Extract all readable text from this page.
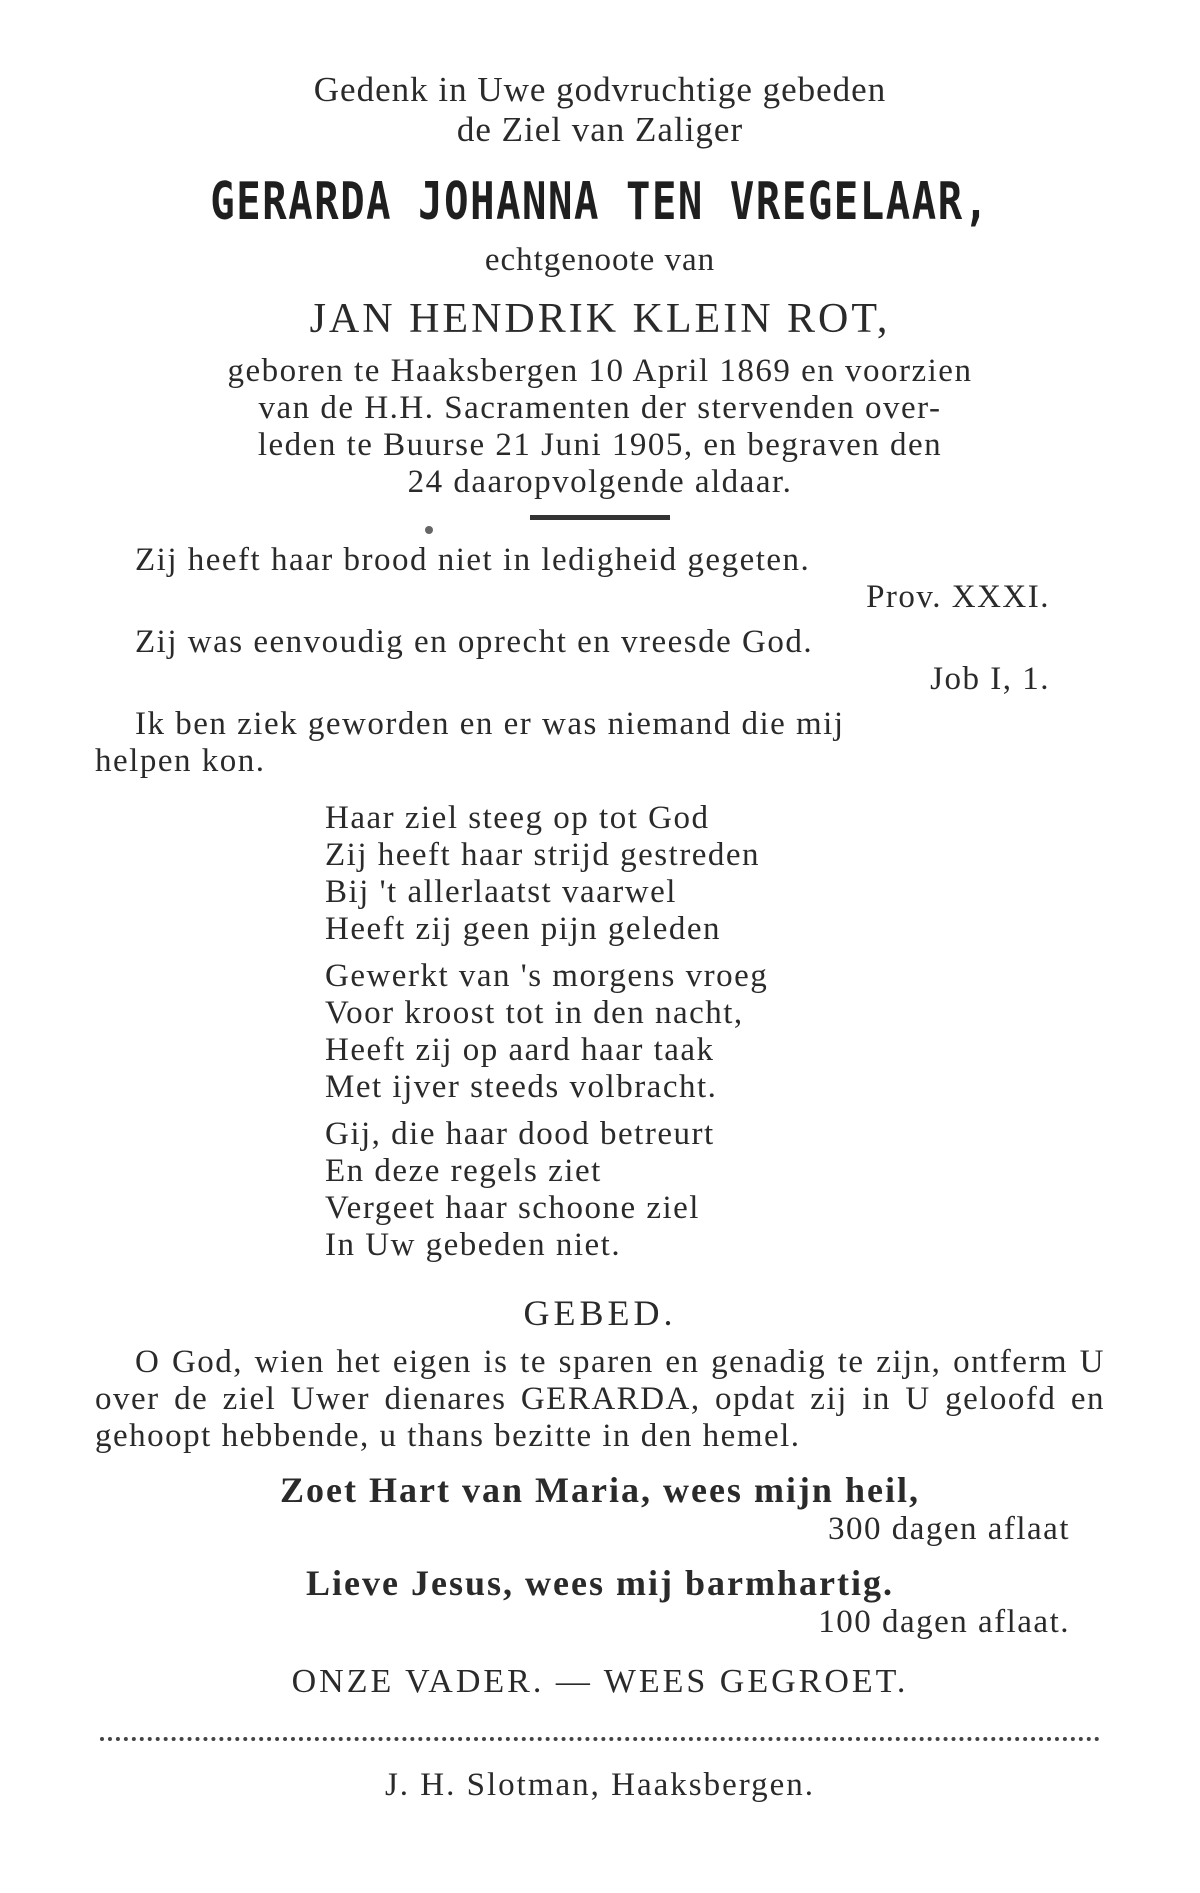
Gedenk in Uwe godvruchtige gebeden
de Ziel van Zaliger
GERARDA JOHANNA TEN VREGELAAR,
echtgenoote van
JAN HENDRIK KLEIN ROT,
geboren te Haaksbergen 10 April 1869 en voorzien
van de H.H. Sacramenten der stervenden over-
leden te Buurse 21 Juni 1905, en begraven den
24 daaropvolgende aldaar.
Zij heeft haar brood niet in ledigheid gegeten.
Prov. XXXI.
Zij was eenvoudig en oprecht en vreesde God.
Job I, 1.
Ik ben ziek geworden en er was niemand die mij
helpen kon.
Haar ziel steeg op tot God
Zij heeft haar strijd gestreden
Bij 't allerlaatst vaarwel
Heeft zij geen pijn geleden
Gewerkt van 's morgens vroeg
Voor kroost tot in den nacht,
Heeft zij op aard haar taak
Met ijver steeds volbracht.
Gij, die haar dood betreurt
En deze regels ziet
Vergeet haar schoone ziel
In Uw gebeden niet.
GEBED.
O God, wien het eigen is te sparen en genadig te zijn, ontferm U over de ziel Uwer dienares GERARDA, opdat zij in U geloofd en gehoopt hebbende, u thans bezitte in den hemel.
Zoet Hart van Maria, wees mijn heil,
300 dagen aflaat
Lieve Jesus, wees mij barmhartig.
100 dagen aflaat.
ONZE VADER. — WEES GEGROET.
J. H. Slotman, Haaksbergen.
